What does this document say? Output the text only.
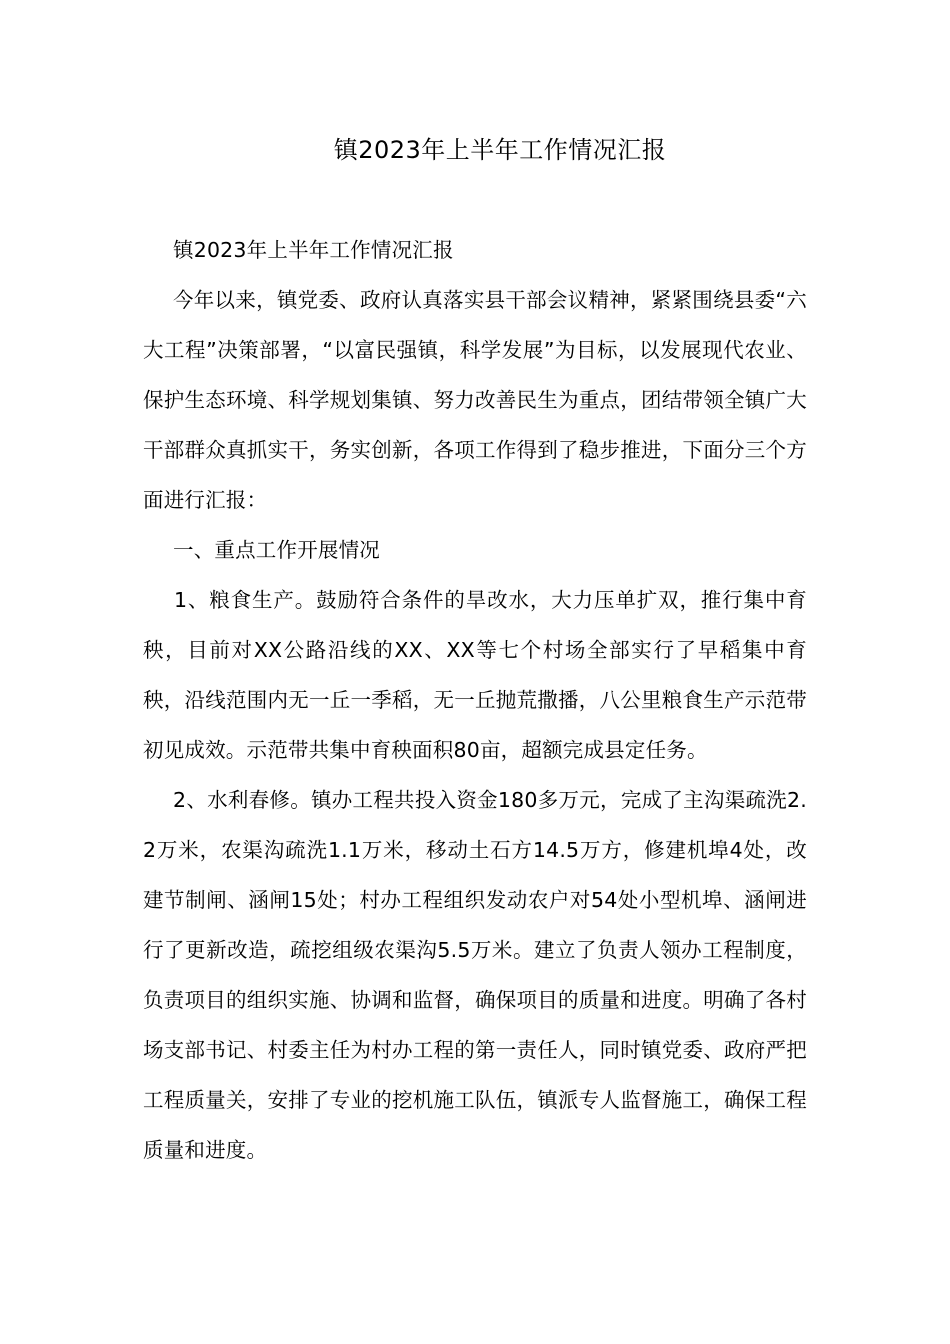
镇2023年上半年工作情况汇报

镇2023年上半年工作情况汇报

今年以来，镇党委、政府认真落实县干部会议精神，紧紧围绕县委“六大工程”决策部署，“以富民强镇，科学发展”为目标，以发展现代农业、保护生态环境、科学规划集镇、努力改善民生为重点，团结带领全镇广大干部群众真抓实干，务实创新，各项工作得到了稳步推进，下面分三个方面进行汇报：

一、重点工作开展情况

1、粮食生产。鼓励符合条件的旱改水，大力压单扩双，推行集中育秧，目前对XX公路沿线的XX、XX等七个村场全部实行了早稻集中育秧，沿线范围内无一丘一季稻，无一丘抛荒撒播，八公里粮食生产示范带初见成效。示范带共集中育秧面积80亩，超额完成县定任务。

2、水利春修。镇办工程共投入资金180多万元，完成了主沟渠疏洗2.2万米，农渠沟疏洗1.1万米，移动土石方14.5万方，修建机埠4处，改建节制闸、涵闸15处；村办工程组织发动农户对54处小型机埠、涵闸进行了更新改造，疏挖组级农渠沟5.5万米。建立了负责人领办工程制度，负责项目的组织实施、协调和监督，确保项目的质量和进度。明确了各村场支部书记、村委主任为村办工程的第一责任人，同时镇党委、政府严把工程质量关，安排了专业的挖机施工队伍，镇派专人监督施工，确保工程质量和进度。
